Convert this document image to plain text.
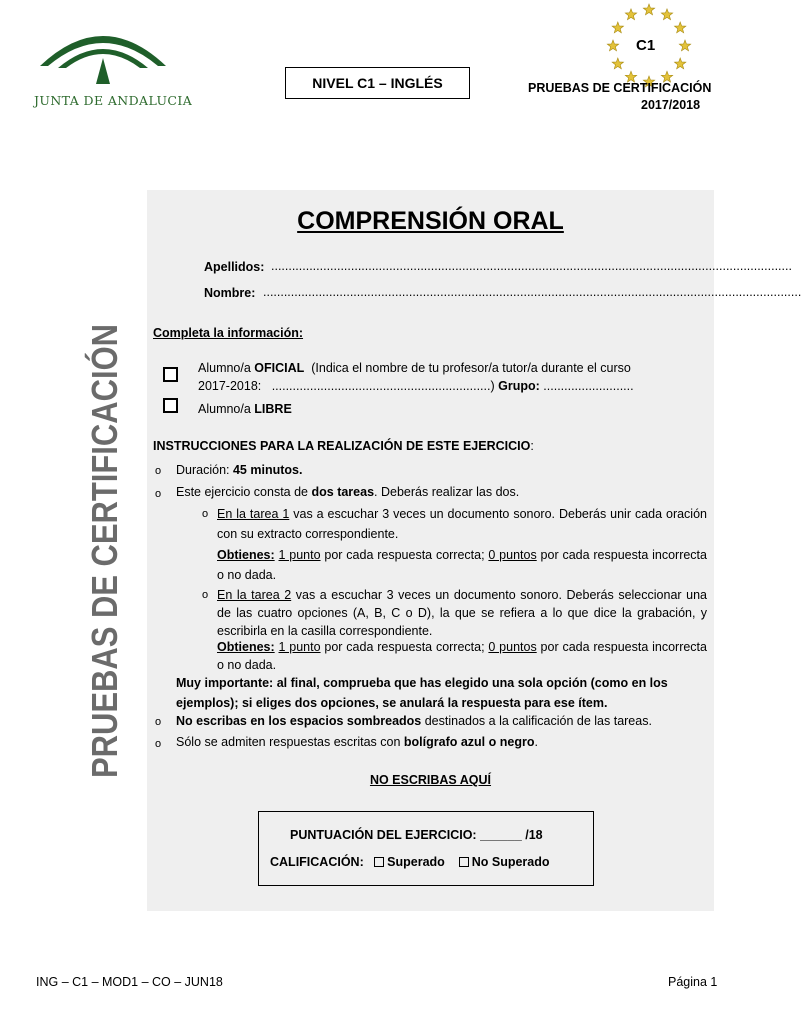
JUNTA DE ANDALUCIA
NIVEL C1 – INGLÉS
C1
PRUEBAS DE CERTIFICACIÓN
2017/2018
PRUEBAS DE CERTIFICACIÓN
COMPRENSIÓN ORAL
Apellidos: ......................................................................................................................................................
Nombre: ...........................................................................................................................................................
Completa la información:
Alumno/a OFICIAL (Indica el nombre de tu profesor/a tutor/a durante el curso
2017-2018: ...............................................................) Grupo: ..........................
Alumno/a LIBRE
INSTRUCCIONES PARA LA REALIZACIÓN DE ESTE EJERCICIO:
o Duración: 45 minutos.
o Este ejercicio consta de dos tareas. Deberás realizar las dos.
o En la tarea 1 vas a escuchar 3 veces un documento sonoro. Deberás unir cada oración con su extracto correspondiente.
Obtienes: 1 punto por cada respuesta correcta; 0 puntos por cada respuesta incorrecta o no dada.
o En la tarea 2 vas a escuchar 3 veces un documento sonoro. Deberás seleccionar una de las cuatro opciones (A, B, C o D), la que se refiera a lo que dice la grabación, y escribirla en la casilla correspondiente.
Obtienes: 1 punto por cada respuesta correcta; 0 puntos por cada respuesta incorrecta o no dada.
Muy importante: al final, comprueba que has elegido una sola opción (como en los ejemplos); si eliges dos opciones, se anulará la respuesta para ese ítem.
o No escribas en los espacios sombreados destinados a la calificación de las tareas.
o Sólo se admiten respuestas escritas con bolígrafo azul o negro.
NO ESCRIBAS AQUÍ
PUNTUACIÓN DEL EJERCICIO: ______ /18
CALIFICACIÓN: Superado No Superado
ING – C1 – MOD1 – CO – JUN18	Página 1
